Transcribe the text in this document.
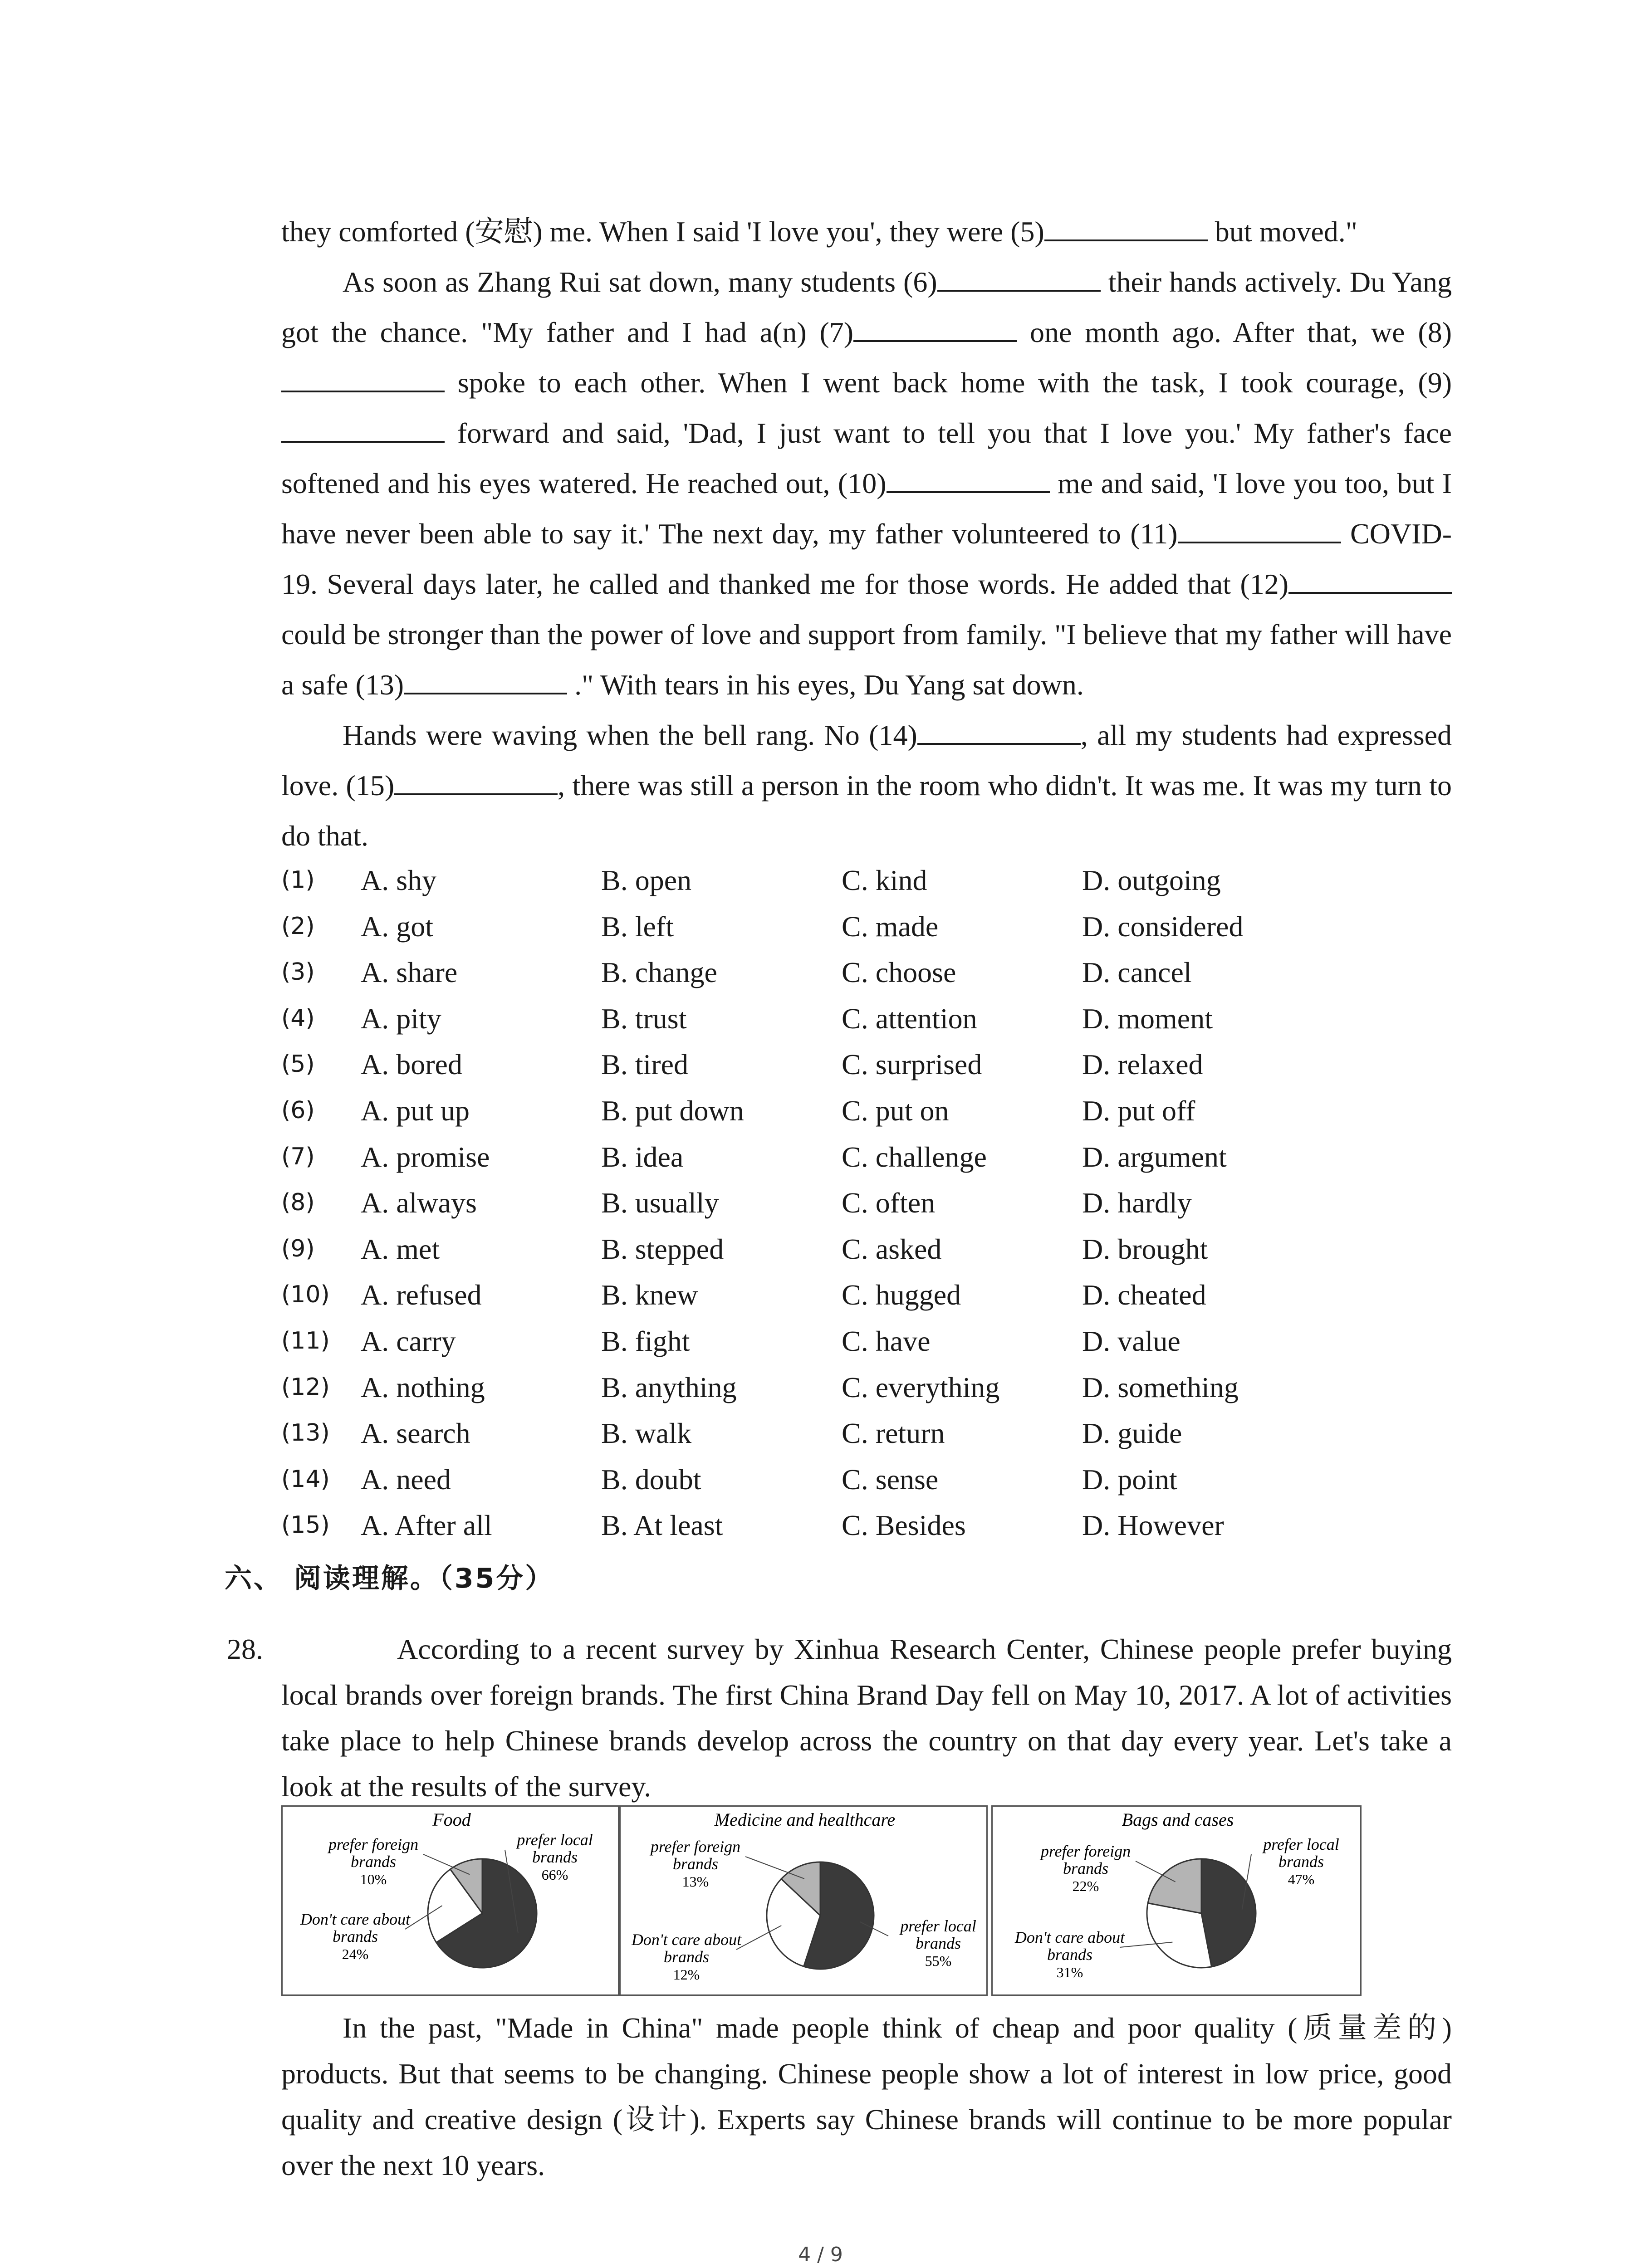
they comforted (安慰) me. When I said 'I love you', they were (5)	but moved."

As soon as Zhang Rui sat down, many students (6)	their hands actively. Du Yang got the chance. "My father and I had a(n) (7)	one month ago. After that, we (8) spoke to each other. When I went back home with the task, I took courage, (9) forward and said, 'Dad, I just want to tell you that I love you.' My father's face softened and his eyes watered. He reached out, (10)	me and said, 'I love you too, but I have never been able to say it.' The next day, my father volunteered to (11)	COVID-19. Several days later, he called and thanked me for those words. He added that (12) could be stronger than the power of love and support from family. "I believe that my father will have a safe (13)	." With tears in his eyes, Du Yang sat down.

Hands were waving when the bell rang. No (14)	, all my students had expressed love. (15)	, there was still a person in the room who didn't. It was me. It was my turn to do that.

(1) A. shy	B. open	C. kind	D. outgoing
(2) A. got	B. left	C. made	D. considered
(3) A. share	B. change	C. choose	D. cancel
(4) A. pity	B. trust	C. attention	D. moment
(5) A. bored	B. tired	C. surprised	D. relaxed
(6) A. put up	B. put down	C. put on	D. put off
(7) A. promise	B. idea	C. challenge	D. argument
(8) A. always	B. usually	C. often	D. hardly
(9) A. met	B. stepped	C. asked	D. brought
(10) A. refused	B. knew	C. hugged	D. cheated
(11) A. carry	B. fight	C. have	D. value
(12) A. nothing	B. anything	C. everything	D. something
(13) A. search	B. walk	C. return	D. guide
(14) A. need	B. doubt	C. sense	D. point
(15) A. After all	B. At least	C. Besides	D. However
六、 阅读理解。（35分）
28.	According to a recent survey by Xinhua Research Center, Chinese people prefer buying local brands over foreign brands. The first China Brand Day fell on May 10, 2017. A lot of activities take place to help Chinese brands develop across the country on that day every year. Let's take a look at the results of the survey.

Food
prefer local
brands
66%
Don't care about
brands
24%
prefer foreign
brands
10%
Medicine and healthcare
prefer local
brands
55%
Don't care about
brands
12%
prefer foreign
brands
13%
Bags and cases
prefer local
brands
47%
Don't care about
brands
31%
prefer foreign
brands
22%

In the past, "Made in China" made people think of cheap and poor quality (质量差的) products. But that seems to be changing. Chinese people show a lot of interest in low price, good quality and creative design (设计). Experts say Chinese brands will continue to be more popular over the next 10 years.

4 / 9
